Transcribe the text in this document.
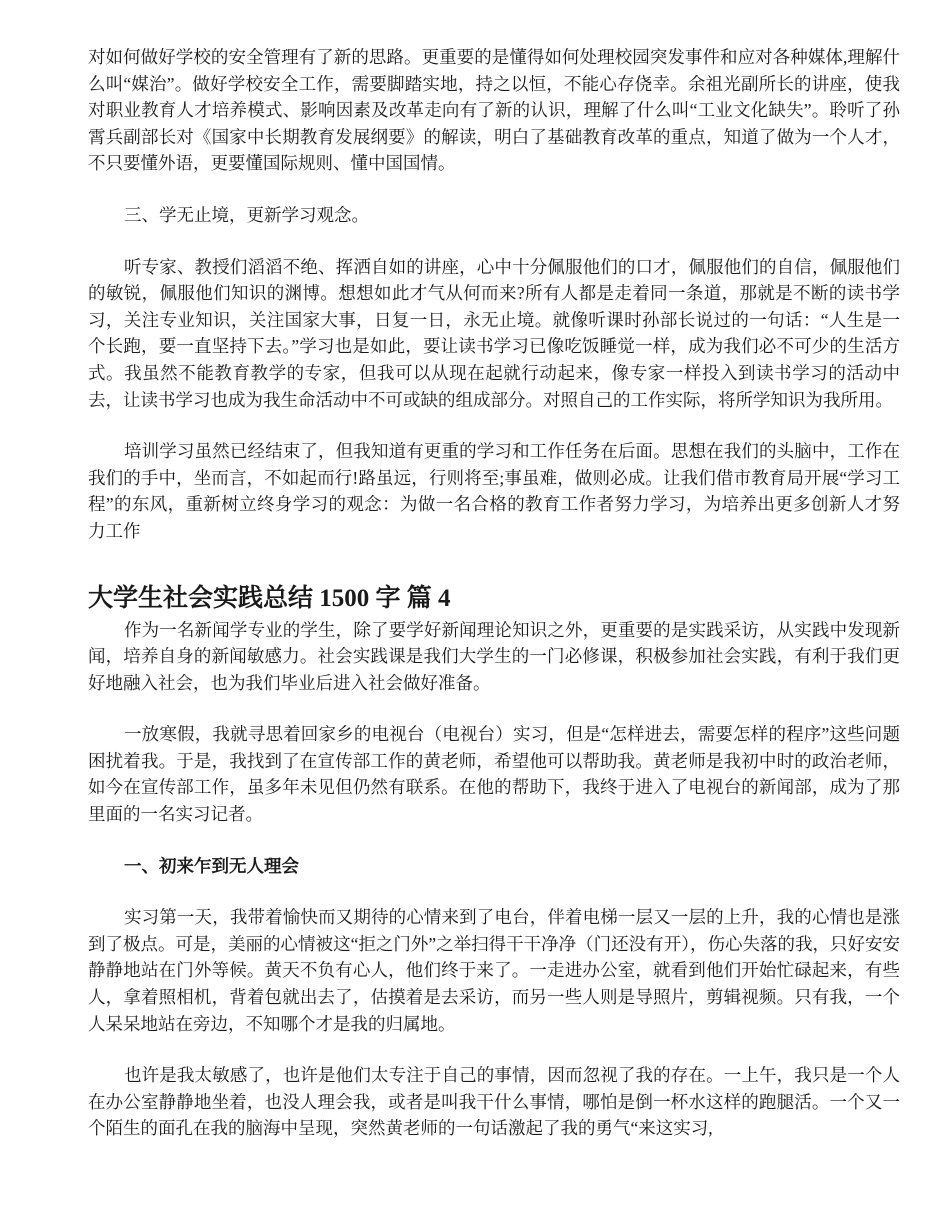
对如何做好学校的安全管理有了新的思路。更重要的是懂得如何处理校园突发事件和应对各种媒体,理解什么叫“媒治”。做好学校安全工作，需要脚踏实地，持之以恒，不能心存侥幸。余祖光副所长的讲座，使我对职业教育人才培养模式、影响因素及改革走向有了新的认识，理解了什么叫“工业文化缺失”。聆听了孙霄兵副部长对《国家中长期教育发展纲要》的解读，明白了基础教育改革的重点，知道了做为一个人才，不只要懂外语，更要懂国际规则、懂中国国情。

三、学无止境，更新学习观念。

听专家、教授们滔滔不绝、挥洒自如的讲座，心中十分佩服他们的口才，佩服他们的自信，佩服他们的敏锐，佩服他们知识的渊博。想想如此才气从何而来?所有人都是走着同一条道，那就是不断的读书学习，关注专业知识，关注国家大事，日复一日，永无止境。就像听课时孙部长说过的一句话：“人生是一个长跑，要一直坚持下去。”学习也是如此，要让读书学习已像吃饭睡觉一样，成为我们必不可少的生活方式。我虽然不能教育教学的专家，但我可以从现在起就行动起来，像专家一样投入到读书学习的活动中去，让读书学习也成为我生命活动中不可或缺的组成部分。对照自己的工作实际，将所学知识为我所用。

培训学习虽然已经结束了，但我知道有更重的学习和工作任务在后面。思想在我们的头脑中，工作在我们的手中，坐而言，不如起而行!路虽远，行则将至;事虽难，做则必成。让我们借市教育局开展“学习工程”的东风，重新树立终身学习的观念：为做一名合格的教育工作者努力学习，为培养出更多创新人才努力工作

大学生社会实践总结 1500 字 篇 4

作为一名新闻学专业的学生，除了要学好新闻理论知识之外，更重要的是实践采访，从实践中发现新闻，培养自身的新闻敏感力。社会实践课是我们大学生的一门必修课，积极参加社会实践，有利于我们更好地融入社会，也为我们毕业后进入社会做好准备。

一放寒假，我就寻思着回家乡的电视台（电视台）实习，但是“怎样进去，需要怎样的程序”这些问题困扰着我。于是，我找到了在宣传部工作的黄老师，希望他可以帮助我。黄老师是我初中时的政治老师，如今在宣传部工作，虽多年未见但仍然有联系。在他的帮助下，我终于进入了电视台的新闻部，成为了那里面的一名实习记者。

一、初来乍到无人理会

实习第一天，我带着愉快而又期待的心情来到了电台，伴着电梯一层又一层的上升，我的心情也是涨到了极点。可是，美丽的心情被这“拒之门外”之举扫得干干净净（门还没有开），伤心失落的我，只好安安静静地站在门外等候。黄天不负有心人，他们终于来了。一走进办公室，就看到他们开始忙碌起来，有些人，拿着照相机，背着包就出去了，估摸着是去采访，而另一些人则是导照片，剪辑视频。只有我，一个人呆呆地站在旁边，不知哪个才是我的归属地。

也许是我太敏感了，也许是他们太专注于自己的事情，因而忽视了我的存在。一上午，我只是一个人在办公室静静地坐着，也没人理会我，或者是叫我干什么事情，哪怕是倒一杯水这样的跑腿活。一个又一个陌生的面孔在我的脑海中呈现，突然黄老师的一句话激起了我的勇气“来这实习,
